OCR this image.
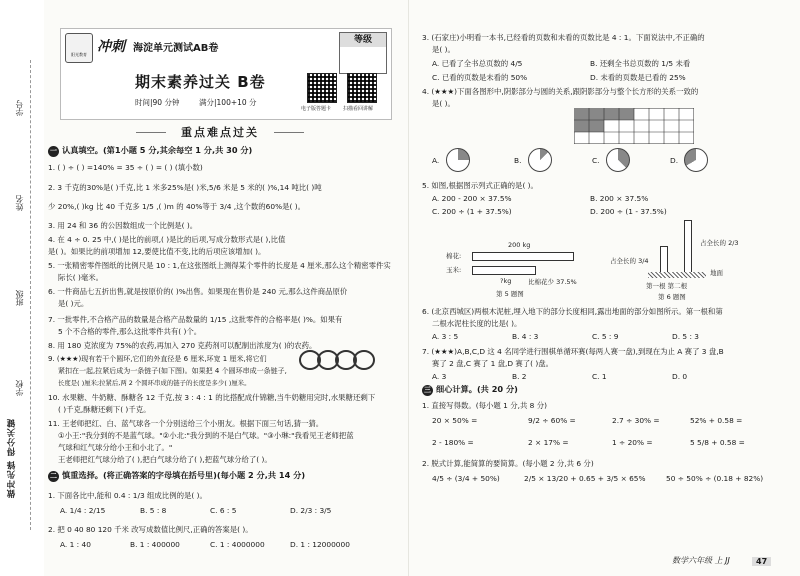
学号
姓名
班级
学校
做冲先锋 得分关键
阳光教育 冲刺 海淀单元测试AB卷
等级
期末素养过关 B卷
时间|90 分钟	满分|100+10 分
电子版答题卡 扫描看回讲解
重点难点过关
一 认真填空。(第1小题 5 分,其余每空 1 分,共 30 分)
1. ( ) ÷ ( ) =140% = 35 ÷ ( ) = ( ) (填小数)
2. 3 千克的30%是( )千克,比 1 米多25%是( )米,5/6 米是 5 米的( )%,14 吨比( )吨
少 20%,( )kg 比 40 千克多 1/5 ,( )m 的 40%等于 3/4 ,这个数的60%是( )。
3. 用 24 和 36 的公因数组成一个比例是( )。
4. 在 4 ÷ 0. 25 中,( )是比的前项,( )是比的后项,写成分数形式是( ),比值
是( )。如果比的前项增加 12,要使比值不变,比的后项应该增加( )。
5. 一张精密零件图纸的比例尺是 10 : 1,在这张图纸上测得某个零件的长度是 4 厘米,那么这个精密零件实
际长( )毫米。
6. 一件商品七五折出售,就是按原价的( )%出售。如果现在售价是 240 元,那么这件商品原价
是( )元。
7. 一批零件,不合格产品的数量是合格产品数量的 1/15 ,这批零件的合格率是( )%。如果有
5 个不合格的零件,那么这批零件共有( )个。
8. 用 180 克浓度为 75%的农药,再加入 270 克药剂可以配制出浓度为( )的农药。
9. (★★★)现有若干个圆环,它们的外直径是 6 厘米,环宽 1 厘米,将它们
紧扣在一起,拉紧后成为一条链子(如下图)。如果把 4 个圆环串成一条链子,
长度是( )厘米;拉紧后,两 2 个圆环串成的链子的长度是多少( )厘米。
10. 水果糖、牛奶糖、酥糖各 12 千克,按 3 : 4 : 1 的比搭配成什锦糖,当牛奶糖用完时,水果糖还剩下
( )千克,酥糖还剩下( )千克。
11. 王老师把红、白、蓝气球各一个分别送给三个小朋友。根据下面三句话,猜一猜。
①小王:"我分到的不是蓝气球。"②小北:"我分到的不是白气球。"③小琳:"我看见王老师把蓝
气球和红气球分给小王和小北了。"
王老师把红气球分给了( ),把白气球分给了( ),把蓝气球分给了( )。
二 慎重选择。(将正确答案的字母填在括号里)(每小题 2 分,共 14 分)
1. 下面各比中,能和 0.4 : 1/3 组成比例的是( )。
A. 1/4 : 2/15	B. 5 : 8	C. 6 : 5	D. 2/3 : 3/5
2. 把 0 40 80 120 千米 改写成数值比例尺,正确的答案是( )。
A. 1 : 40	B. 1 : 400000	C. 1 : 4000000	D. 1 : 12000000
3. (石家庄)小明看一本书,已经看的页数和未看的页数比是 4 : 1。下面说法中,不正确的
是( )。
A. 已看了全书总页数的 4/5	B. 还剩全书总页数的 1/5 未看
C. 已看的页数是未看的 50%	D. 未看的页数是已看的 25%
4. (★★★)下面各图形中,阴影部分与圆的关系,跟阴影部分与整个长方形的关系一致的
是( )。
A.	B.	C.	D.
5. 如图,根据图示列式正确的是( )。
A. 200 - 200 × 37.5%	B. 200 × 37.5%
C. 200 ÷ (1 + 37.5%)	D. 200 ÷ (1 - 37.5%)
200 kg
棉花:
玉米:
?kg	比棉花少 37.5%
第 5 题图
占全长的 2/3
占全长的 3/4
地面
第一根 第二根
第 6 题图
6. (北京西城区)两根木泥桩,埋入地下的部分长度相同,露出地面的部分如图所示。第一根和第
二根水泥柱长度的比是( )。
A. 3 : 5	B. 4 : 3	C. 5 : 9	D. 5 : 3
7. (★★★)A,B,C,D 这 4 名同学进行围棋单循环赛(每两人赛一盘),到现在为止 A 赛了 3 盘,B
赛了 2 盘,C 赛了 1 盘,D 赛了( )盘。
A. 3	B. 2	C. 1	D. 0
三 细心计算。(共 20 分)
1. 直接写得数。(每小题 1 分,共 8 分)
20 × 50% =	9/2 ÷ 60% =	2.7 ÷ 30% =	52% + 0.58 =
2 - 180% =	2 × 17% =	1 ÷ 20% =	5 5/8 + 0.58 =
2. 脱式计算,能简算的要简算。(每小题 2 分,共 6 分)
4/5 ÷ (3/4 + 50%)	2/5 × 13/20 + 0.65 + 3/5 × 65%	50 ÷ 50% ÷ (0.18 + 82%)
数学六年级 上 JJ	47
